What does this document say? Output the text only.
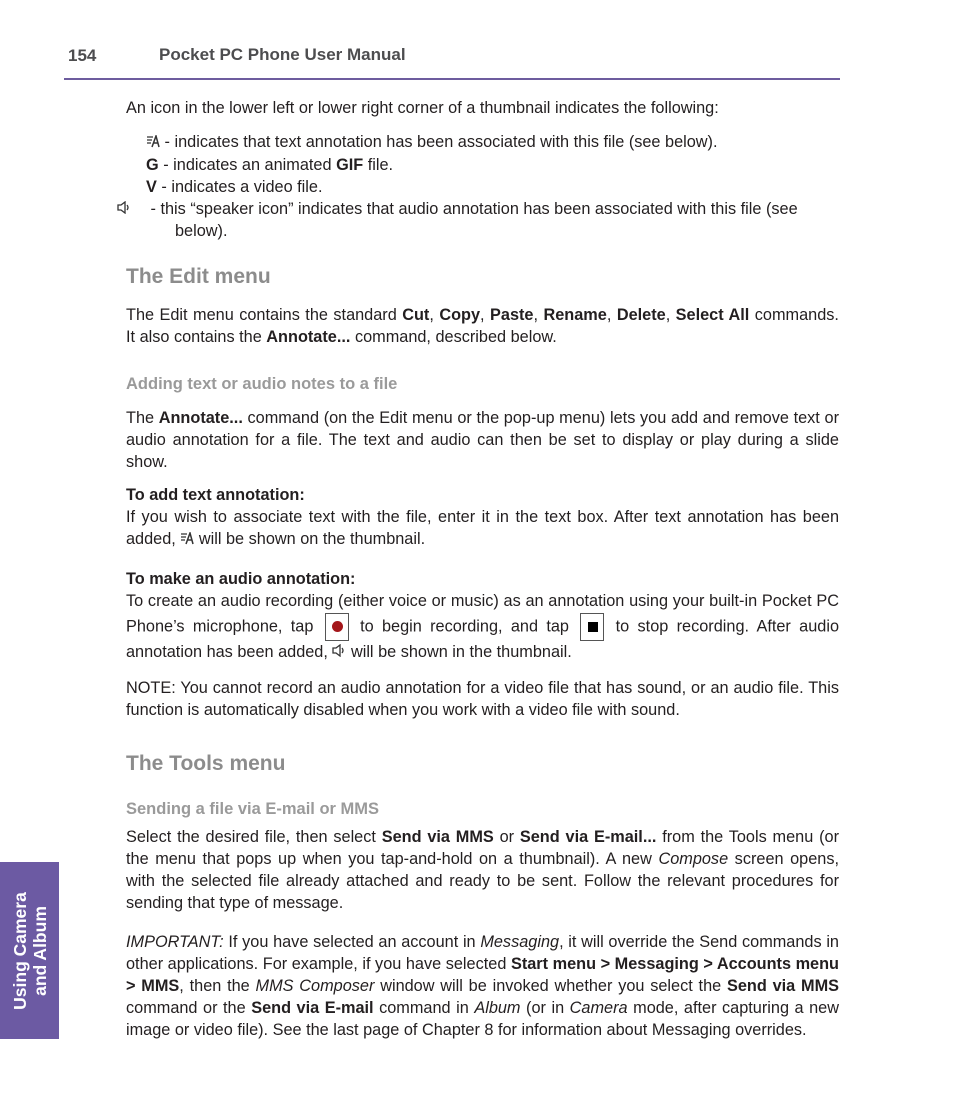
154	Pocket PC Phone User Manual

An icon in the lower left or lower right corner of a thumbnail indicates the following:

- indicates that text annotation has been associated with this file (see below).

G - indicates an animated GIF file.

V - indicates a video file.

- this “speaker icon” indicates that audio annotation has been associated with this file (see below).

The Edit menu

The Edit menu contains the standard Cut, Copy, Paste, Rename, Delete, Select All commands. It also contains the Annotate... command, described below.

Adding text or audio notes to a file

The Annotate... command (on the Edit menu or the pop-up menu) lets you add and remove text or audio annotation for a file. The text and audio can then be set to display or play during a slide show.

To add text annotation:

If you wish to associate text with the file, enter it in the text box. After text annotation has been added,  will be shown on the thumbnail.

To make an audio annotation:

To create an audio recording (either voice or music) as an annotation using your built-in Pocket PC Phone’s microphone, tap  to begin recording, and tap  to stop recording. After audio annotation has been added,  will be shown in the thumbnail.

NOTE: You cannot record an audio annotation for a video file that has sound, or an audio file. This function is automatically disabled when you work with a video file with sound.

The Tools menu

Sending a file via E-mail or MMS

Select the desired file, then select Send via MMS or Send via E-mail... from the Tools menu (or the menu that pops up when you tap-and-hold on a thumbnail). A new Compose screen opens, with the selected file already attached and ready to be sent. Follow the relevant procedures for sending that type of message.

IMPORTANT: If you have selected an account in Messaging, it will override the Send commands in other applications. For example, if you have selected Start menu > Messaging > Accounts menu > MMS, then the MMS Composer window will be invoked whether you select the Send via MMS command or the Send via E-mail command in Album (or in Camera mode, after capturing a new image or video file). See the last page of Chapter 8 for information about Messaging overrides.

Using Camera and Album
